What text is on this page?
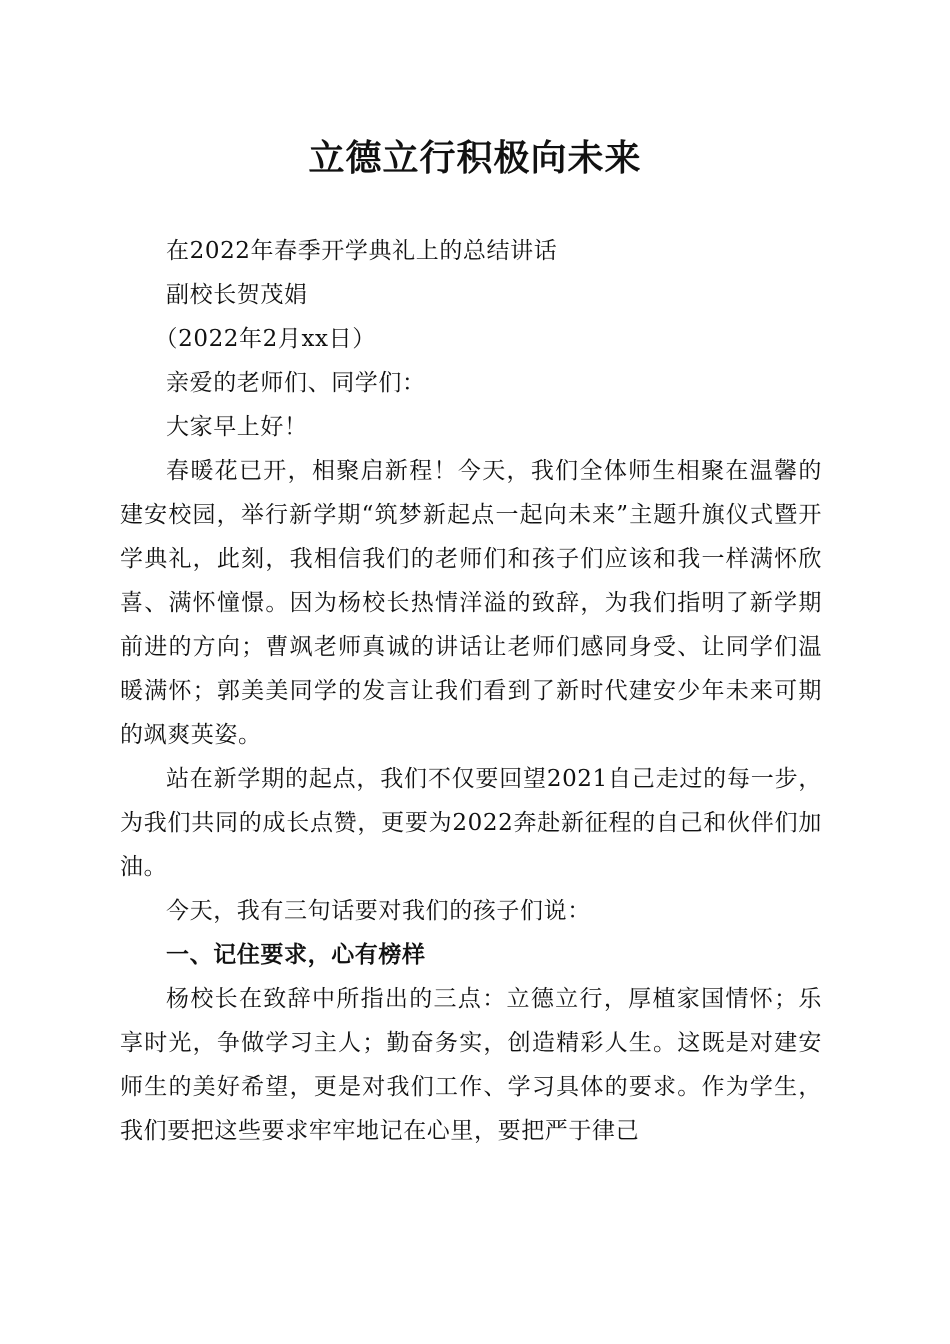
立德立行积极向未来

在2022年春季开学典礼上的总结讲话

副校长贺茂娟

（2022年2月xx日）

亲爱的老师们、同学们：

大家早上好！

春暖花已开，相聚启新程！今天，我们全体师生相聚在温馨的建安校园，举行新学期“筑梦新起点一起向未来”主题升旗仪式暨开学典礼，此刻，我相信我们的老师们和孩子们应该和我一样满怀欣喜、满怀憧憬。因为杨校长热情洋溢的致辞，为我们指明了新学期前进的方向；曹飒老师真诚的讲话让老师们感同身受、让同学们温暖满怀；郭美美同学的发言让我们看到了新时代建安少年未来可期的飒爽英姿。

站在新学期的起点，我们不仅要回望2021自己走过的每一步，为我们共同的成长点赞，更要为2022奔赴新征程的自己和伙伴们加油。

今天，我有三句话要对我们的孩子们说：

一、记住要求，心有榜样

杨校长在致辞中所指出的三点：立德立行，厚植家国情怀；乐享时光，争做学习主人；勤奋务实，创造精彩人生。这既是对建安师生的美好希望，更是对我们工作、学习具体的要求。作为学生，我们要把这些要求牢牢地记在心里，要把严于律己
